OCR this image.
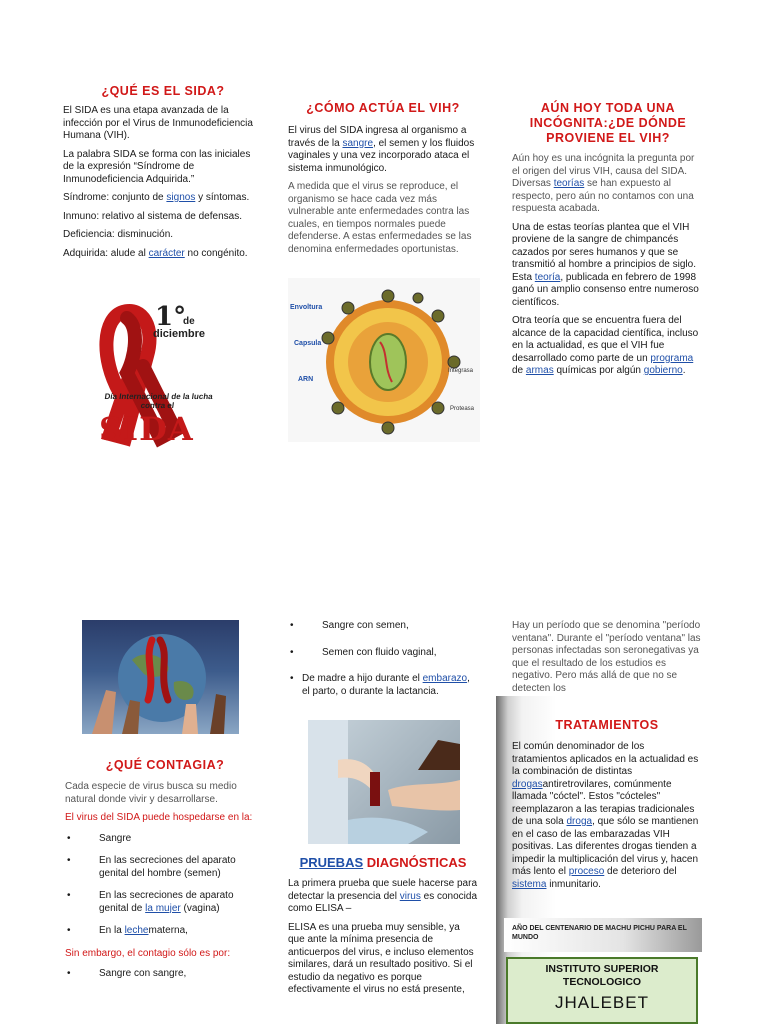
¿QUÉ ES EL SIDA?

El SIDA es una etapa avanzada de la infección por el Virus de Inmunodeficiencia Humana (VIH).

La palabra SIDA se forma con las iniciales de la expresión “Síndrome de Inmunodeficiencia Adquirida.”

Síndrome: conjunto de signos y síntomas.

Inmuno: relativo al sistema de defensas.

Deficiencia: disminución.

Adquirida: alude al carácter no congénito.

1°
de
diciembre
Día Internacional de la lucha contra el
SIDA
¿CÓMO ACTÚA EL VIH?

El virus del SIDA ingresa al organismo a través de la sangre, el semen y los fluidos vaginales y una vez incorporado ataca el sistema inmunológico.

A medida que el virus se reproduce, el organismo se hace cada vez más vulnerable ante enfermedades contra las cuales, en tiempos normales puede defenderse. A estas enfermedades se las denomina enfermedades oportunistas.

Envoltura
Capsula
ARN
Integrasa
Proteasa
AÚN HOY TODA UNA INCÓGNITA:¿DE DÓNDE PROVIENE EL VIH?

Aún hoy es una incógnita la pregunta por el origen del virus VIH, causa del SIDA. Diversas teorías se han expuesto al respecto, pero aún no contamos con una respuesta acabada.

Una de estas teorías plantea que el VIH proviene de la sangre de chimpancés cazados por seres humanos y que se transmitió al hombre a principios de siglo. Esta teoría, publicada en febrero de 1998 ganó un amplio consenso entre numeroso científicos.

Otra teoría que se encuentra fuera del alcance de la capacidad científica, incluso en la actualidad, es que el VIH fue desarrollado como parte de un programa de armas químicas por algún gobierno.

¿QUÉ CONTAGIA?

Cada especie de virus busca su medio natural donde vivir y desarrollarse.

El virus del SIDA puede hospedarse en la:

• Sangre
• En las secreciones del aparato genital del hombre (semen)
• En las secreciones de aparato genital de la mujer (vagina)
• En la lechematerna,

Sin embargo, el contagio sólo es por:

• Sangre con sangre,
• Sangre con semen,
• Semen con fluido vaginal,
• De madre a hijo durante el embarazo, el parto, o durante la lactancia.
PRUEBAS DIAGNÓSTICAS

La primera prueba que suele hacerse para detectar la presencia del virus es conocida como ELISA –

ELISA es una prueba muy sensible, ya que ante la mínima presencia de anticuerpos del virus, e incluso elementos similares, dará un resultado positivo. Si el estudio da negativo es porque efectivamente el virus no está presente,

Hay un período que se denomina "período ventana". Durante el "período ventana" las personas infectadas son seronegativas ya que el resultado de los estudios es negativo. Pero más allá de que no se detecten los

TRATAMIENTOS

El común denominador de los tratamientos aplicados en la actualidad es la combinación de distintas drogasantiretrovilares, comúnmente llamada "cóctel". Estos "cócteles" reemplazaron a las terapias tradicionales de una sola droga, que sólo se mantienen en el caso de las embarazadas VIH positivas. Las diferentes drogas tienden a impedir la multiplicación del virus y, hacen más lento el proceso de deterioro del sistema inmunitario.

AÑO DEL CENTENARIO DE MACHU PICHU PARA EL MUNDO
INSTITUTO SUPERIOR TECNOLOGICO
JHALEBET
